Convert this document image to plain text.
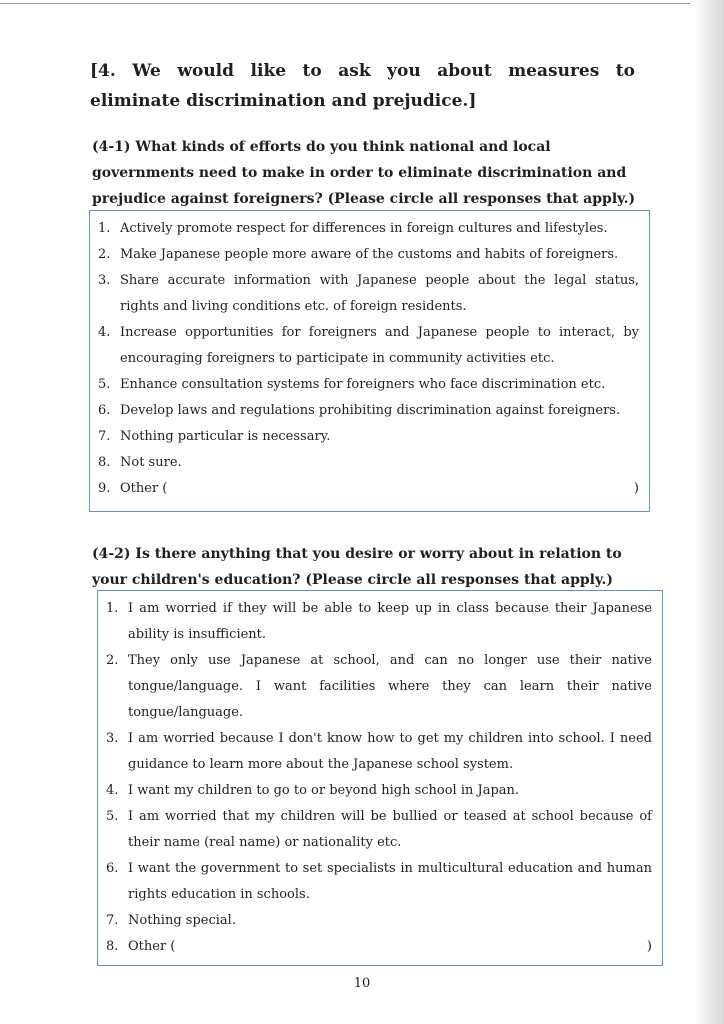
[4. We would like to ask you about measures to eliminate discrimination and prejudice.]
(4-1) What kinds of efforts do you think national and local governments need to make in order to eliminate discrimination and prejudice against foreigners? (Please circle all responses that apply.)
1. Actively promote respect for differences in foreign cultures and lifestyles.
2. Make Japanese people more aware of the customs and habits of foreigners.
3. Share accurate information with Japanese people about the legal status, rights and living conditions etc. of foreign residents.
4. Increase opportunities for foreigners and Japanese people to interact, by encouraging foreigners to participate in community activities etc.
5. Enhance consultation systems for foreigners who face discrimination etc.
6. Develop laws and regulations prohibiting discrimination against foreigners.
7. Nothing particular is necessary.
8. Not sure.
9. Other (	)
(4-2) Is there anything that you desire or worry about in relation to your children's education? (Please circle all responses that apply.)
1. I am worried if they will be able to keep up in class because their Japanese ability is insufficient.
2. They only use Japanese at school, and can no longer use their native tongue/language. I want facilities where they can learn their native tongue/language.
3. I am worried because I don't know how to get my children into school. I need guidance to learn more about the Japanese school system.
4. I want my children to go to or beyond high school in Japan.
5. I am worried that my children will be bullied or teased at school because of their name (real name) or nationality etc.
6. I want the government to set specialists in multicultural education and human rights education in schools.
7. Nothing special.
8. Other (	)
10
